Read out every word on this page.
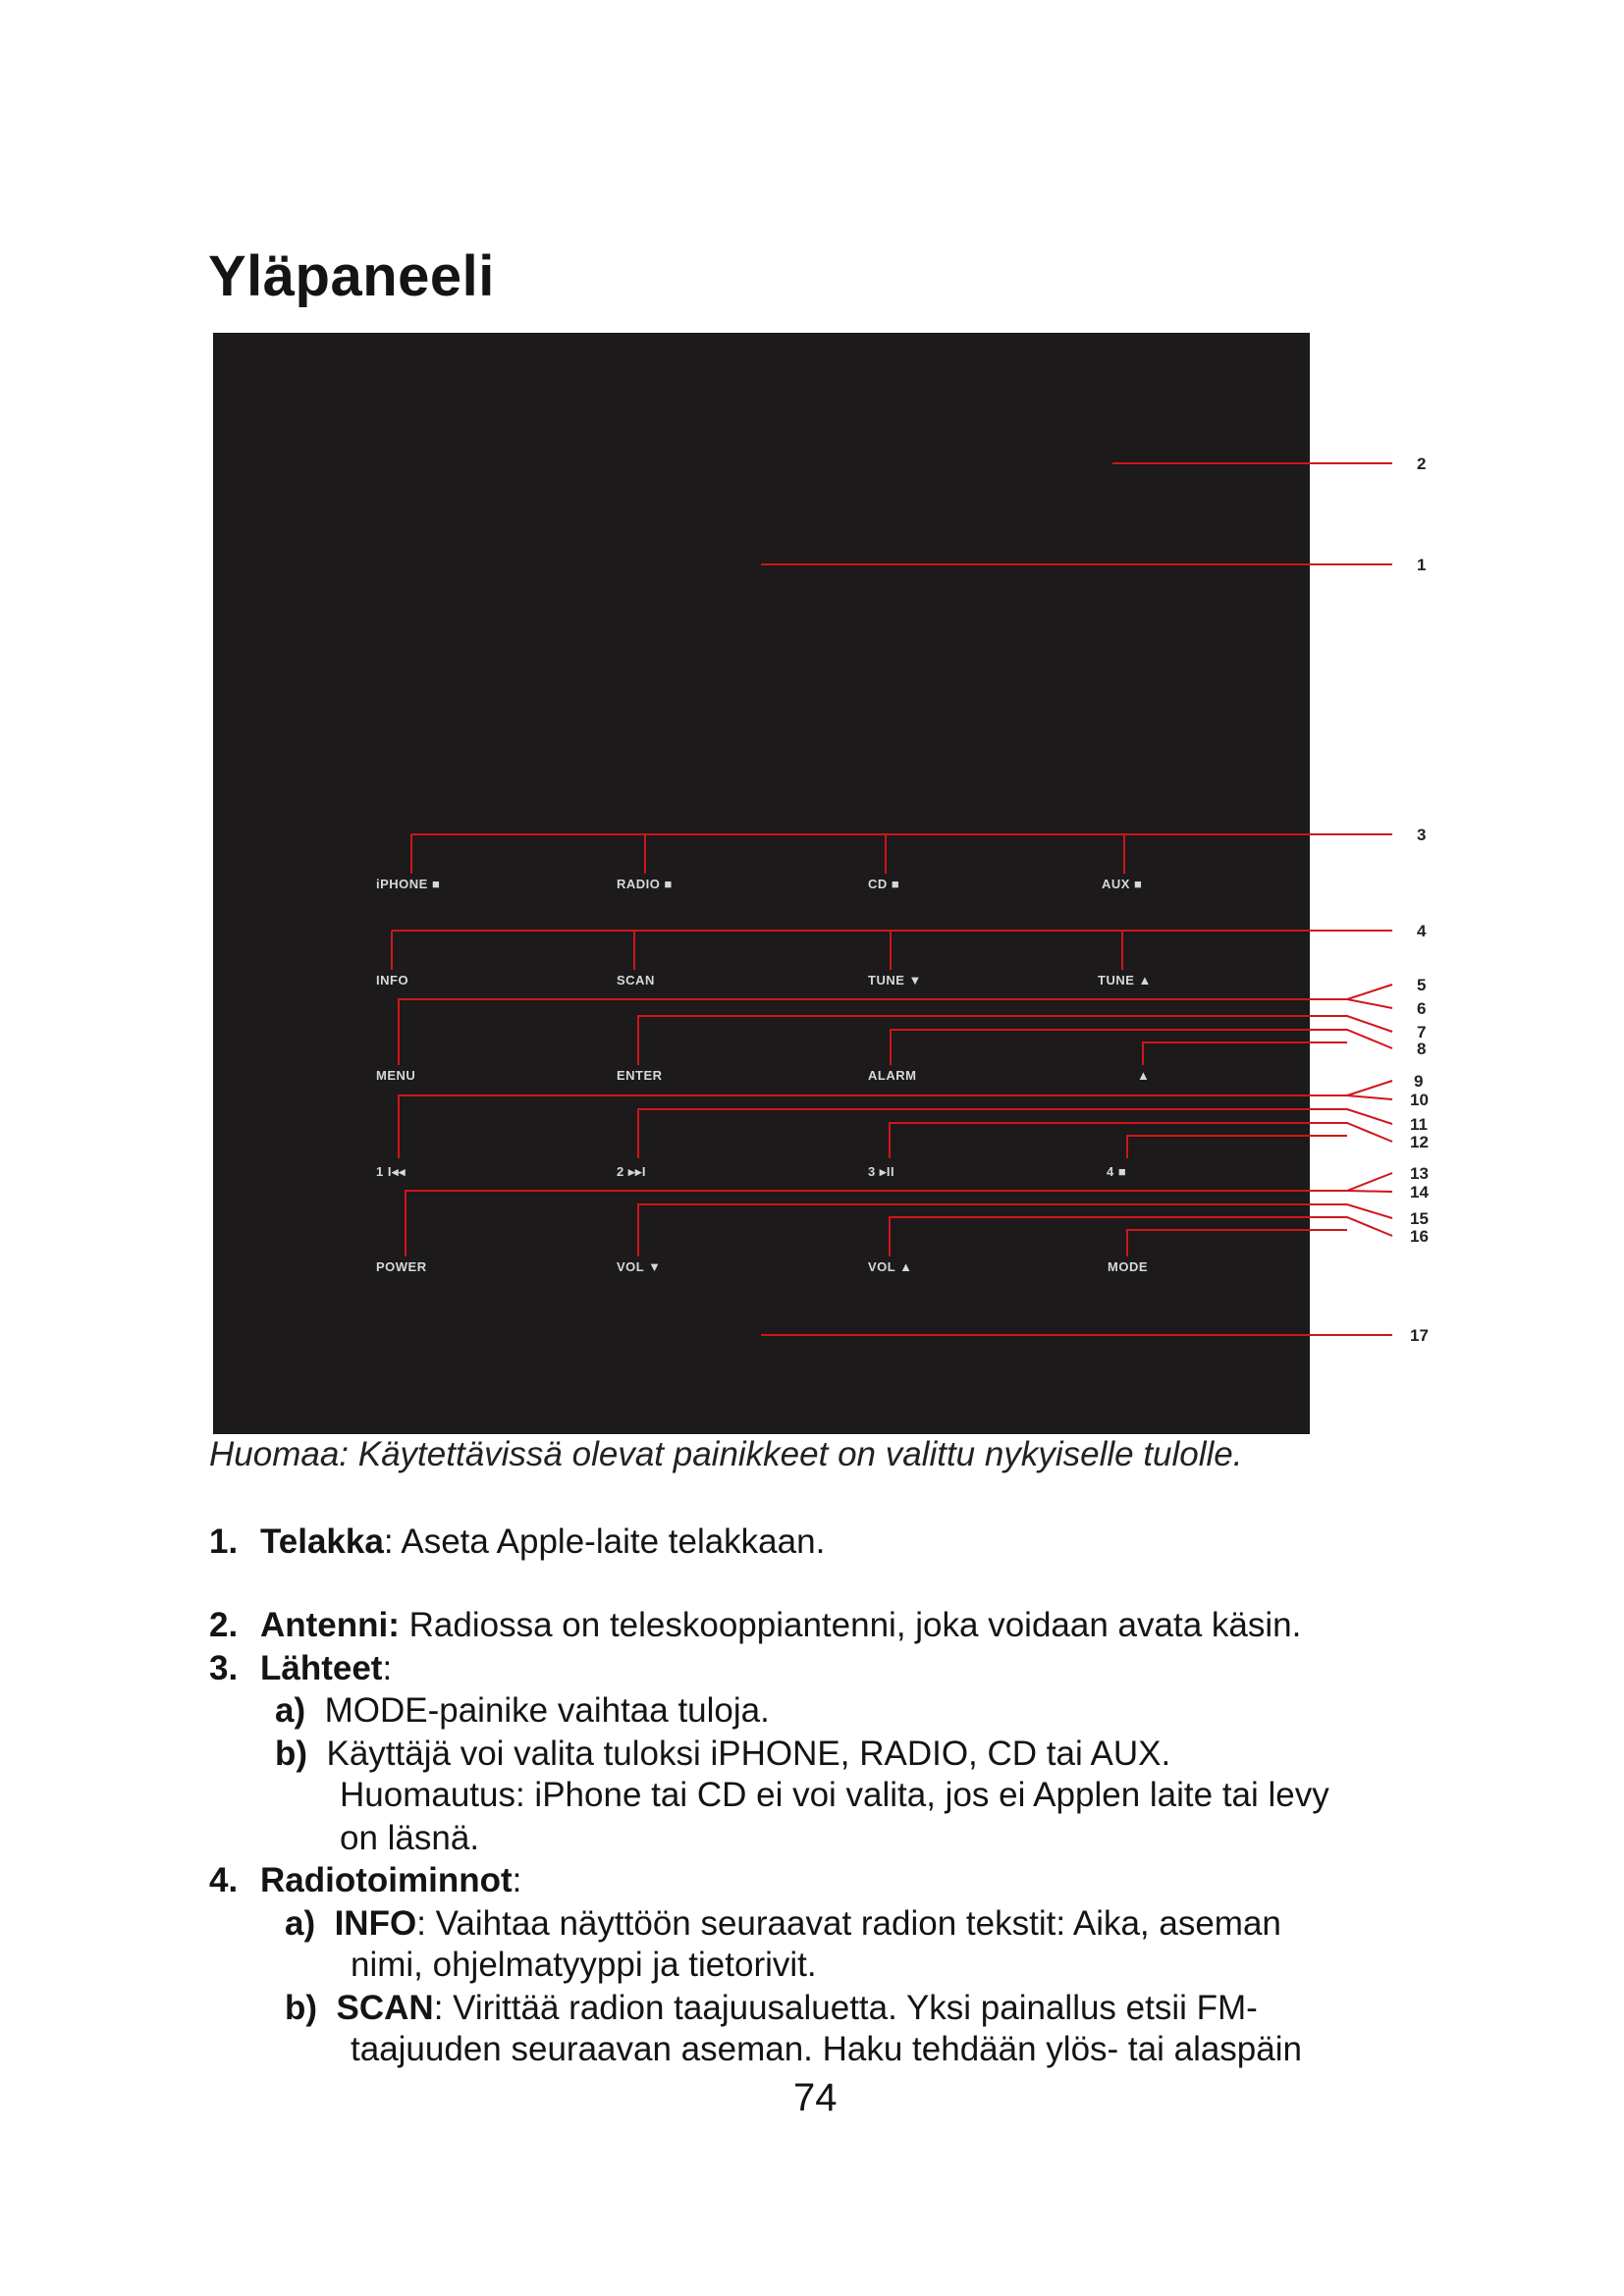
Yläpaneeli
2
1
3
4
5
6
7
8
9
10
11
12
13
14
15
16
17
iPHONE ■	RADIO ■	CD ■	AUX ■
INFO	SCAN	TUNE ▼	TUNE ▲
MENU	ENTER	ALARM	▲
1 I◂◂	2 ▸▸I	3 ▸II	4 ■
POWER	VOL ▼	VOL ▲	MODE
Huomaa: Käytettävissä olevat painikkeet on valittu nykyiselle tulolle.
1. Telakka: Aseta Apple-laite telakkaan.
2. Antenni: Radiossa on teleskooppiantenni, joka voidaan avata käsin.
3. Lähteet:
a) MODE-painike vaihtaa tuloja.
b) Käyttäjä voi valita tuloksi iPHONE, RADIO, CD tai AUX.
Huomautus: iPhone tai CD ei voi valita, jos ei Applen laite tai levy
on läsnä.
4. Radiotoiminnot:
a) INFO: Vaihtaa näyttöön seuraavat radion tekstit: Aika, aseman
nimi, ohjelmatyyppi ja tietorivit.
b) SCAN: Virittää radion taajuusaluetta. Yksi painallus etsii FM-
taajuuden seuraavan aseman. Haku tehdään ylös- tai alaspäin
74
